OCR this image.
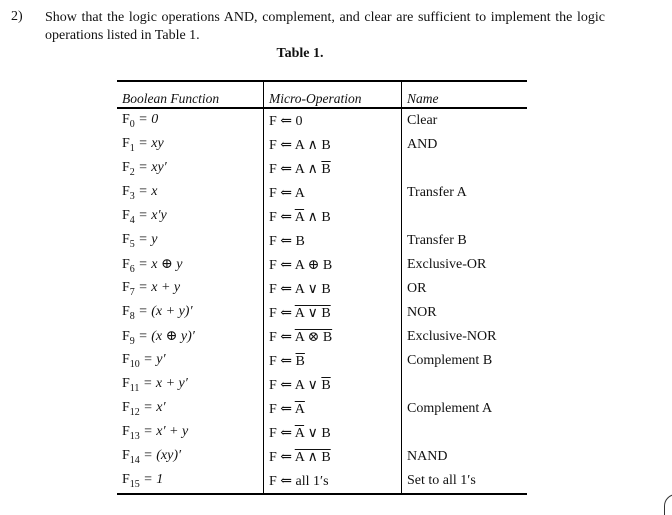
2) Show that the logic operations AND, complement, and clear are sufficient to implement the logic operations listed in Table 1.
Table 1.
Boolean Function	Micro-Operation	Name
$F_0 = 0$	F ⇐ 0	Clear
$F_1$ = xy	F ⇐ A ∧ B	AND
$F_2 = xy'$	F ⇐ A ∧ $\overline{B}$	
$F_3 = x$	F ⇐ A	Transfer A
$F_4 = x'y$	F ⇐ $\overline{A}$ ∧ B	
$F_5 = y$	F ⇐ B	Transfer B
$F_6 = x$ ⊕ y	F ⇐ A ⊕ B	Exclusive-OR
$F_7 = x + y$	F ⇐ A ∨ B	OR
$F_8 = (x + y)'$	F ⇐ A ∨ B	NOR
$F_9 = (x$ ⊕ y)′	F ⇐ A ⊗ B	Exclusive-NOR
$F_{10} = y'$	F ⇐ $\overline{B}$	Complement B
$F_{11} = x + y'$	F ⇐ A ∨ $\overline{B}$	
$F_{12} = x'$	F ⇐ $\overline{A}$	Complement A
$F_{13} = x' + y$	F ⇐ $\overline{A}$ ∨ B	
$F_{14} = (xy)'$	F ⇐ A ∧ B	NAND
$F_{15} = 1$	F ⇐ all 1′s	Set to all 1′s
